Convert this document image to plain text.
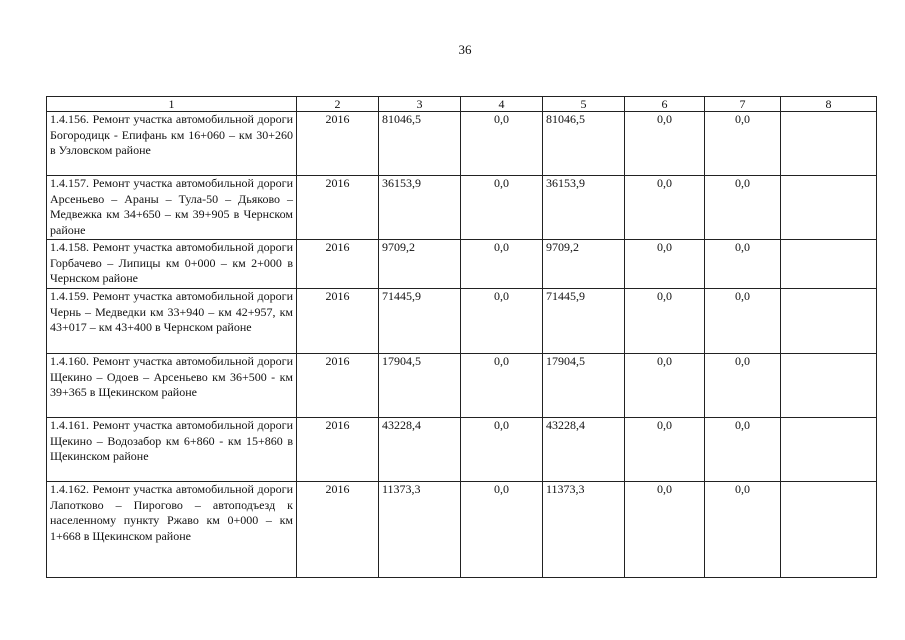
36
1	2	3	4	5	6	7	8
1.4.156. Ремонт участка автомобильной дороги Богородицк - Епифань км 16+060 – км 30+260 в Узловском районе	2016	81046,5	0,0	81046,5	0,0	0,0	
1.4.157. Ремонт участка автомобильной дороги Арсеньево – Араны – Тула-50 – Дьяково – Медвежка км 34+650 – км 39+905 в Чернском районе	2016	36153,9	0,0	36153,9	0,0	0,0	
1.4.158. Ремонт участка автомобильной дороги Горбачево – Липицы км 0+000 – км 2+000 в Чернском районе	2016	9709,2	0,0	9709,2	0,0	0,0	
1.4.159. Ремонт участка автомобильной дороги Чернь – Медведки км 33+940 – км 42+957, км 43+017 – км 43+400 в Чернском районе	2016	71445,9	0,0	71445,9	0,0	0,0	
1.4.160. Ремонт участка автомобильной дороги Щекино – Одоев – Арсеньево км 36+500 - км 39+365 в Щекинском районе	2016	17904,5	0,0	17904,5	0,0	0,0	
1.4.161. Ремонт участка автомобильной дороги Щекино – Водозабор км 6+860 - км 15+860 в Щекинском районе	2016	43228,4	0,0	43228,4	0,0	0,0	
1.4.162. Ремонт участка автомобильной дороги Лапотково – Пирогово – автоподъезд к населенному пункту Ржаво км 0+000 – км 1+668 в Щекинском районе	2016	11373,3	0,0	11373,3	0,0	0,0	
